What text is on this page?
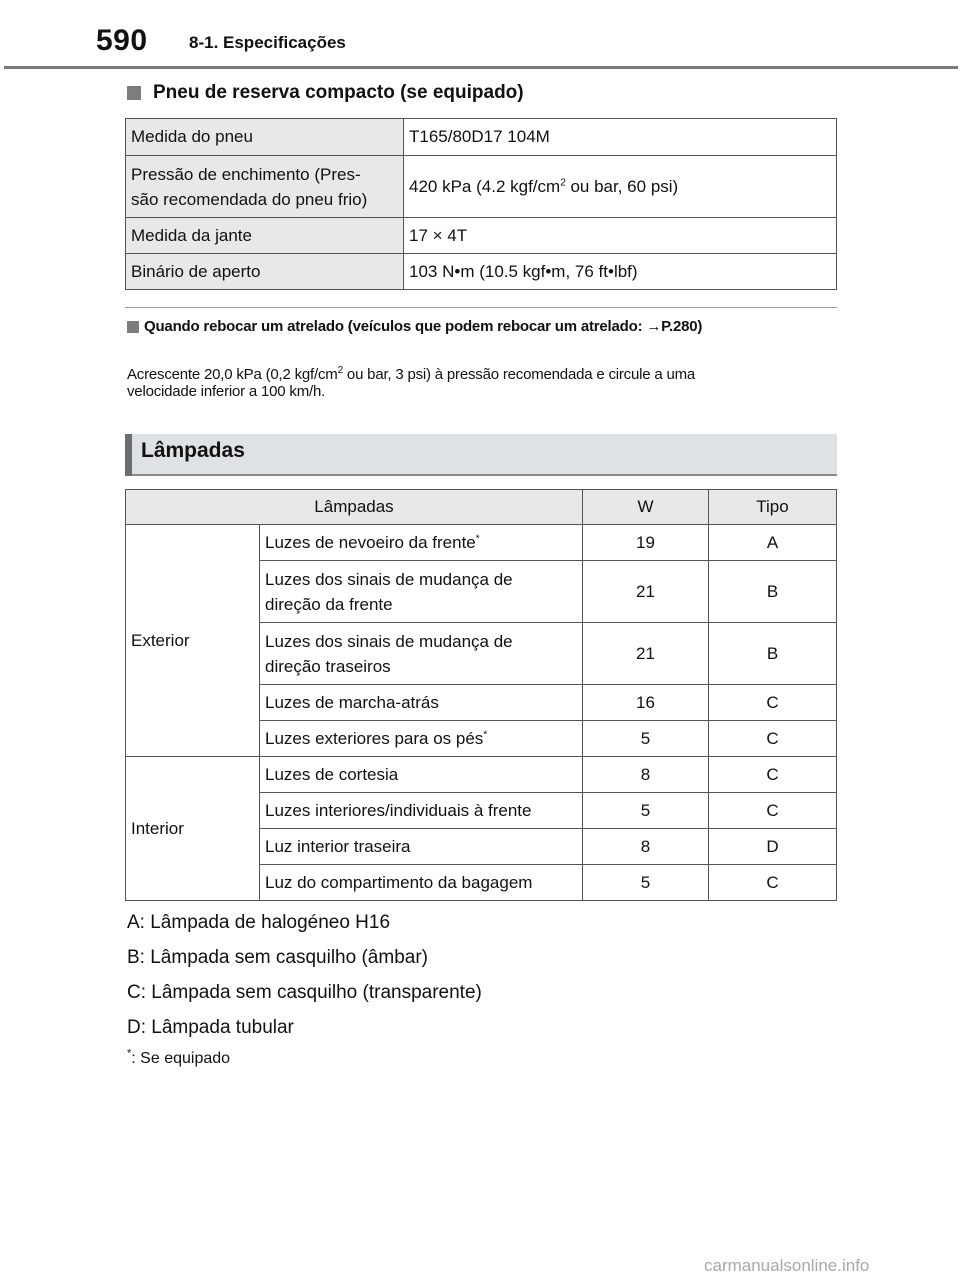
590 8-1. Especificações
Pneu de reserva compacto (se equipado)
Medida do pneu	T165/80D17 104M
Pressão de enchimento (Pres-
são recomendada do pneu frio)	420 kPa (4.2 kgf/$cm^2$ ou bar, 60 psi)
Medida da jante	17 × 4T
Binário de aperto	103 N•m (10.5 kgf•m, 76 ft•lbf)
Quando rebocar um atrelado (veículos que podem rebocar um atrelado: →P.280)
Acrescente 20,0 kPa (0,2 kgf/$cm^2$ ou bar, 3 psi) à pressão recomendada e circule a uma
velocidade inferior a 100 km/h.
Lâmpadas
Lâmpadas		W	Tipo
Exterior	Luzes de nevoeiro da frente*	19	A
	Luzes dos sinais de mudança de
direção da frente	21	B
	Luzes dos sinais de mudança de
direção traseiros	21	B
	Luzes de marcha-atrás	16	C
	Luzes exteriores para os pés*	5	C
Interior	Luzes de cortesia	8	C
	Luzes interiores/individuais à frente	5	C
	Luz interior traseira	8	D
	Luz do compartimento da bagagem	5	C
A: Lâmpada de halogéneo H16
B: Lâmpada sem casquilho (âmbar)
C: Lâmpada sem casquilho (transparente)
D: Lâmpada tubular
*: Se equipado
carmanualsonline.info
